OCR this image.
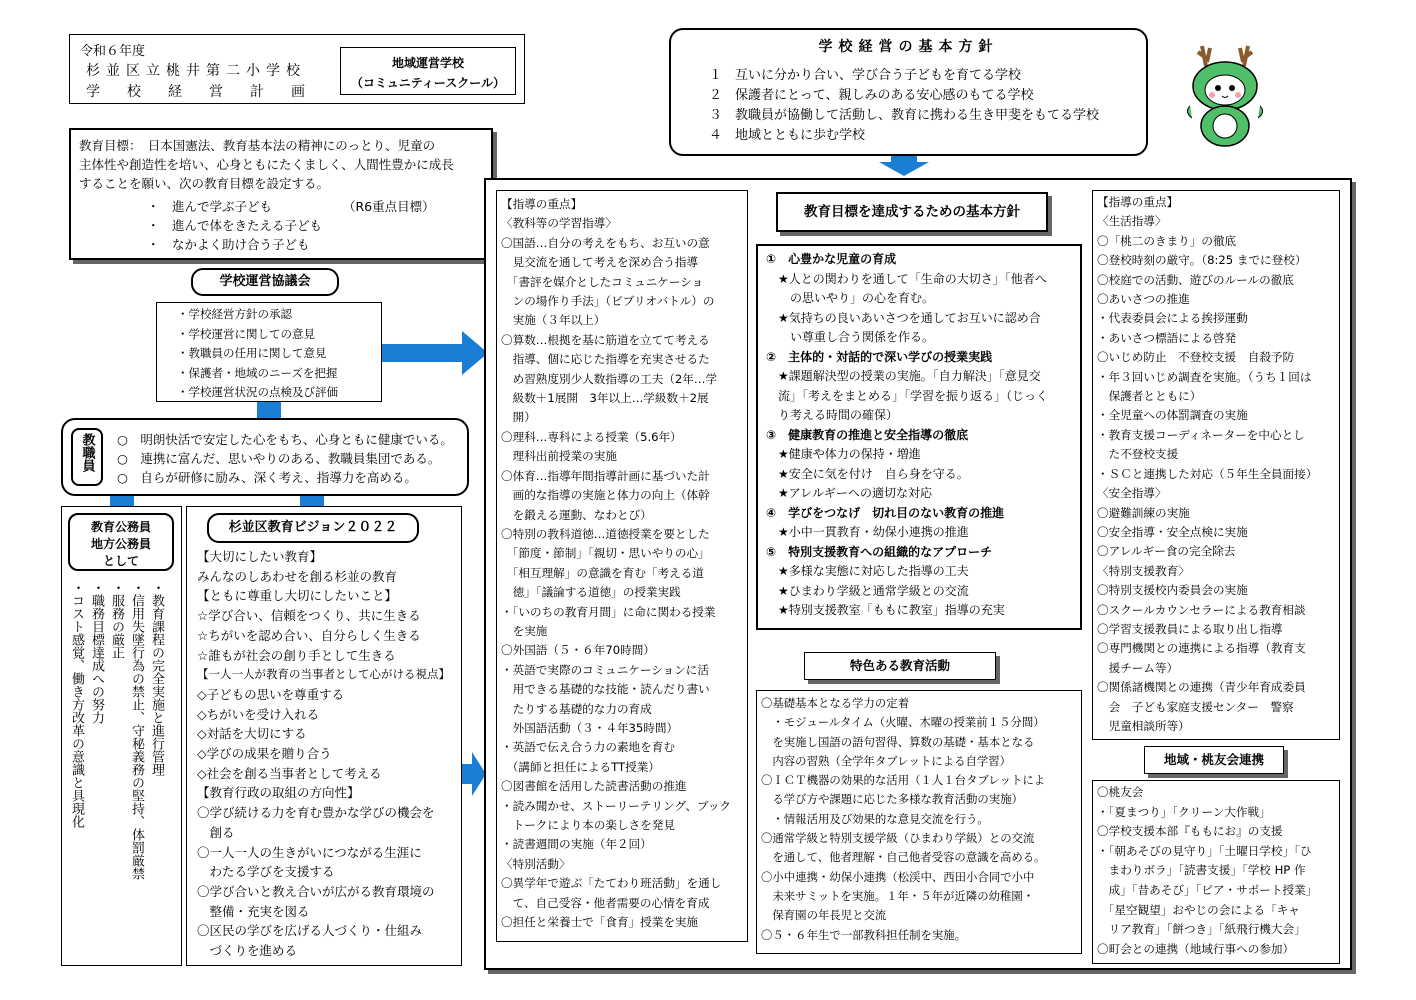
令和６年度
杉並区立桃井第二小学校
学校経営計画
地域運営学校
（コミュニティースクール）
学校経営の基本方針
１　互いに分かり合い、学び合う子どもを育てる学校
２　保護者にとって、親しみのある安心感のもてる学校
３　教職員が協働して活動し、教育に携わる生き甲斐をもてる学校
４　地域とともに歩む学校
教育目標：　日本国憲法、教育基本法の精神にのっとり、児童の
主体性や創造性を培い、心身ともにたくましく、人間性豊かに成長
することを願い、次の教育目標を設定する。
・　進んで学ぶ子ども
・　進んで体をきたえる子ども
・　なかよく助け合う子ども
（R6重点目標）
学校運営協議会
・学校経営方針の承認
・学校運営に関しての意見
・教職員の任用に関して意見
・保護者・地域のニーズを把握
・学校運営状況の点検及び評価
教職員 ○　明朗快活で安定した心をもち、心身ともに健康でいる。
○　連携に富んだ、思いやりのある、教職員集団である。
○　自らが研修に励み、深く考え、指導力を高める。
教育公務員
地方公務員
として
・教育課程の完全実施と進行管理
・信用失墜行為の禁止、守秘義務の堅持、体罰厳禁
・服務の厳正
・職務目標達成への努力
・コスト感覚、働き方改革の意識と具現化
杉並区教育ビジョン２０２２
【大切にしたい教育】
みんなのしあわせを創る杉並の教育
【ともに尊重し大切にしたいこと】
☆学び合い、信頼をつくり、共に生きる
☆ちがいを認め合い、自分らしく生きる
☆誰もが社会の創り手として生きる
【一人一人が教育の当事者として心がける視点】
◇子どもの思いを尊重する
◇ちがいを受け入れる
◇対話を大切にする
◇学びの成果を贈り合う
◇社会を創る当事者として考える
【教育行政の取組の方向性】
〇学び続ける力を育む豊かな学びの機会を
　創る
〇一人一人の生きがいにつながる生涯に
　わたる学びを支援する
〇学び合いと教え合いが広がる教育環境の
　整備・充実を図る
〇区民の学びを広げる人づくり・仕組み
　づくりを進める
【指導の重点】
〈教科等の学習指導〉
〇国語…自分の考えをもち、お互いの意
　見交流を通して考えを深め合う指導
　「書評を媒介としたコミュニケーショ
　ンの場作り手法」（ビブリオバトル）の
　実施（３年以上）
〇算数…根拠を基に筋道を立てて考える
　指導、個に応じた指導を充実させるた
　め習熟度別少人数指導の工夫（2年…学
　級数＋1展開　3年以上…学級数＋2展
　開）
〇理科…専科による授業（5.6年）
　理科出前授業の実施
〇体育…指導年間指導計画に基づいた計
　画的な指導の実施と体力の向上（体幹
　を鍛える運動、なわとび）
〇特別の教科道徳…道徳授業を要とした
　「節度・節制」「親切・思いやりの心」
　「相互理解」の意識を育む「考える道
　徳」「議論する道徳」の授業実践
・「いのちの教育月間」に命に関わる授業
　を実施
〇外国語（５・６年70時間）
・英語で実際のコミュニケーションに活
　用できる基礎的な技能・読んだり書い
　たりする基礎的な力の育成
　外国語活動（３・４年35時間）
・英語で伝え合う力の素地を育む
　（講師と担任によるTT授業）
〇図書館を活用した読書活動の推進
・読み聞かせ、ストーリーテリング、ブック
　トークにより本の楽しさを発見
・読書週間の実施（年２回）
〈特別活動〉
〇異学年で遊ぶ「たてわり班活動」を通し
　て、自己受容・他者需要の心情を育成
〇担任と栄養士で「食育」授業を実施
教育目標を達成するための基本方針
①　心豊かな児童の育成
　★人との関わりを通して「生命の大切さ」「他者へ
　　の思いやり」の心を育む。
　★気持ちの良いあいさつを通してお互いに認め合
　　い尊重し合う関係を作る。
②　主体的・対話的で深い学びの授業実践
　★課題解決型の授業の実施。「自力解決」「意見交
　流」「考えをまとめる」「学習を振り返る」（じっく
　り考える時間の確保）
③　健康教育の推進と安全指導の徹底
　★健康や体力の保持・増進
　★安全に気を付け　自ら身を守る。
　★アレルギーへの適切な対応
④　学びをつなげ　切れ目のない教育の推進
　★小中一貫教育・幼保小連携の推進
⑤　特別支援教育への組織的なアプローチ
　★多様な実態に対応した指導の工夫
　★ひまわり学級と通常学級との交流
　★特別支援教室「ももに教室」指導の充実
特色ある教育活動
〇基礎基本となる学力の定着
　・モジュールタイム（火曜、木曜の授業前１５分間）
　を実施し国語の語句習得、算数の基礎・基本となる
　内容の習熟（全学年タブレットによる自学習）
〇ＩＣＴ機器の効果的な活用（１人１台タブレットによ
　る学び方や課題に応じた多様な教育活動の実施）
　・情報活用及び効果的な意見交流を行う。
〇通常学級と特別支援学級（ひまわり学級）との交流
　を通して、他者理解・自己他者受容の意識を高める。
〇小中連携・幼保小連携（松渓中、西田小合同で小中
　未来サミットを実施。１年・５年が近隣の幼稚園・
　保育園の年長児と交流
〇５・６年生で一部教科担任制を実施。
【指導の重点】
〈生活指導〉
〇「桃二のきまり」の徹底
〇登校時刻の厳守。（8:25 までに登校）
〇校庭での活動、遊びのルールの徹底
〇あいさつの推進
・代表委員会による挨拶運動
・あいさつ標語による啓発
〇いじめ防止　不登校支援　自殺予防
・年３回いじめ調査を実施。（うち１回は
　保護者とともに）
・全児童への体罰調査の実施
・教育支援コーディネーターを中心とし
　た不登校支援
・ＳＣと連携した対応（５年生全員面接）
〈安全指導〉
〇避難訓練の実施
〇安全指導・安全点検に実施
〇アレルギー食の完全除去
〈特別支援教育〉
〇特別支援校内委員会の実施
〇スクールカウンセラーによる教育相談
〇学習支援教員による取り出し指導
〇専門機関との連携による指導（教育支
　援チーム等）
〇関係諸機関との連携（青少年育成委員
　会　子ども家庭支援センター　警察
　児童相談所等）
地域・桃友会連携
〇桃友会
・「夏まつり」「クリーン大作戦」
〇学校支援本部『ももにお』の支援
・「朝あそびの見守り」「土曜日学校」「ひ
　まわりボラ」「読書支援」「学校 HP 作
　成」「昔あそび」「ピア・サポート授業」
　「星空観望」おやじの会による「キャ
　リア教育」「餅つき」「紙飛行機大会」
〇町会との連携（地域行事への参加）
